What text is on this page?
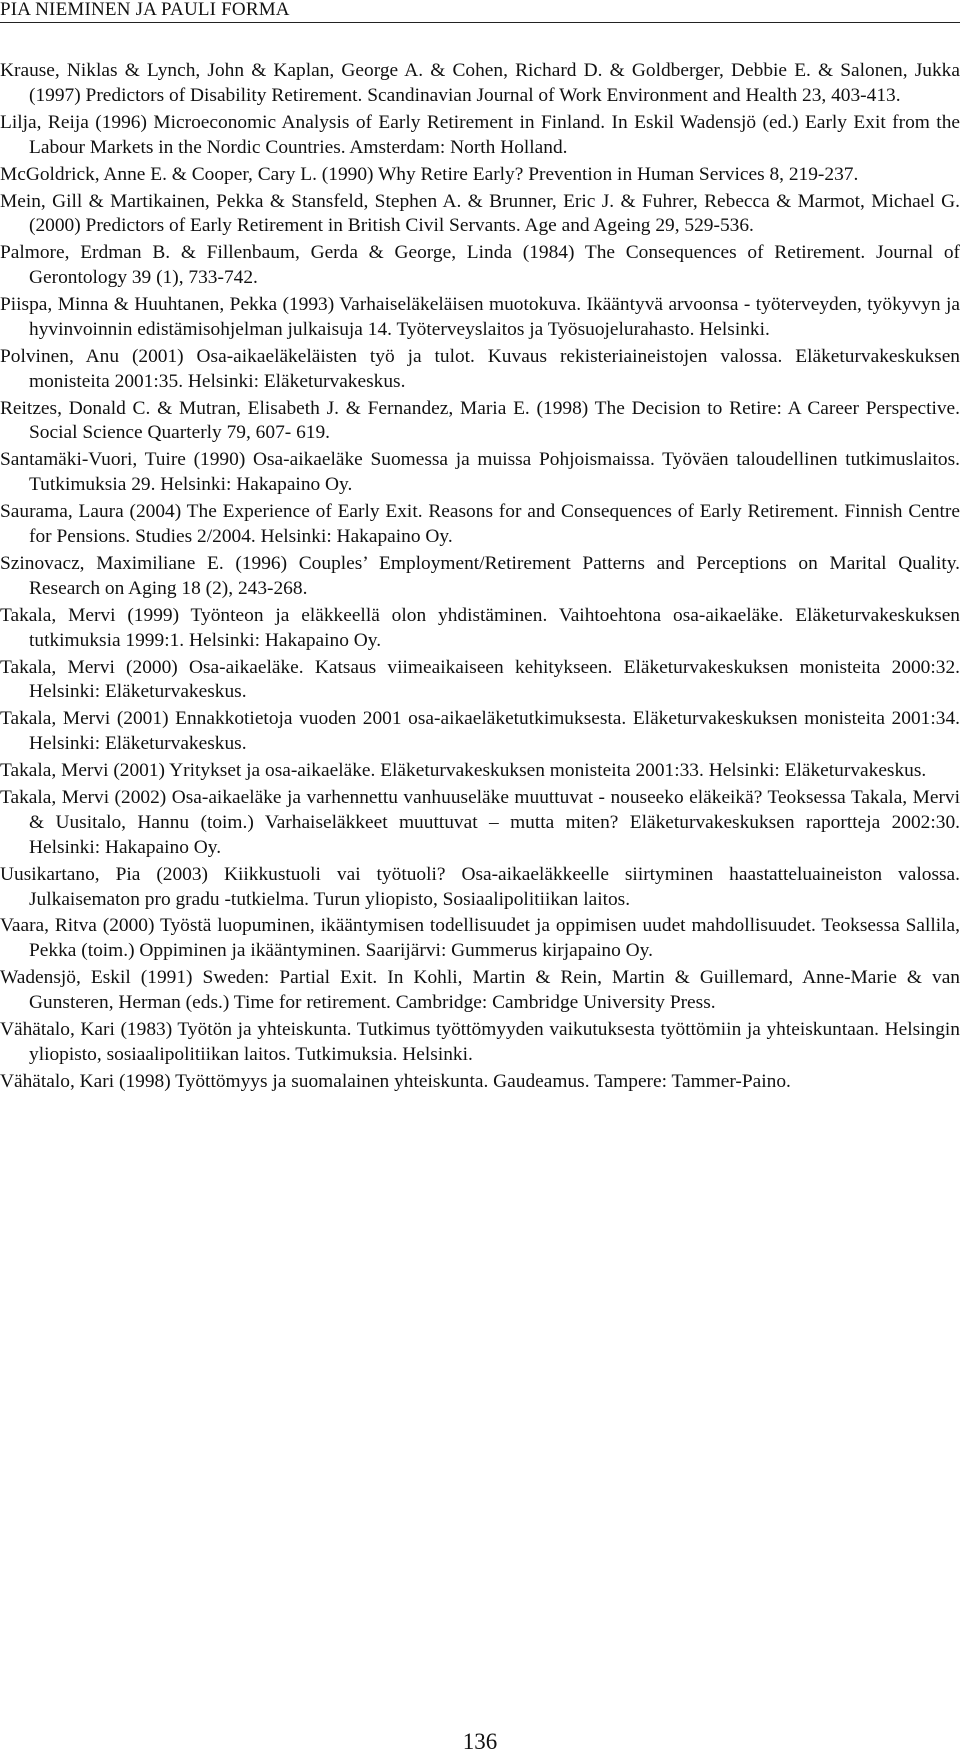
PIA NIEMINEN JA PAULI FORMA
Krause, Niklas & Lynch, John & Kaplan, George A. & Cohen, Richard D. & Goldberger, Debbie E. & Salonen, Jukka (1997) Predictors of Disability Retirement. Scandinavian Journal of Work Environment and Health 23, 403-413.
Lilja, Reija (1996) Microeconomic Analysis of Early Retirement in Finland. In Eskil Wadensjö (ed.) Early Exit from the Labour Markets in the Nordic Countries. Amsterdam: North Holland.
McGoldrick, Anne E. & Cooper, Cary L. (1990) Why Retire Early? Prevention in Human Services 8, 219-237.
Mein, Gill & Martikainen, Pekka & Stansfeld, Stephen A. & Brunner, Eric J. & Fuhrer, Rebecca & Marmot, Michael G. (2000) Predictors of Early Retirement in British Civil Servants. Age and Ageing 29, 529-536.
Palmore, Erdman B. & Fillenbaum, Gerda & George, Linda (1984) The Consequences of Retirement. Journal of Gerontology 39 (1), 733-742.
Piispa, Minna & Huuhtanen, Pekka (1993) Varhaiseläkeläisen muotokuva. Ikääntyvä arvoonsa - työterveyden, työkyvyn ja hyvinvoinnin edistämisohjelman julkaisuja 14. Työterveyslaitos ja Työsuojelurahasto. Helsinki.
Polvinen, Anu (2001) Osa-aikaeläkeläisten työ ja tulot. Kuvaus rekisteriaineistojen valossa. Eläketurvakeskuksen monisteita 2001:35. Helsinki: Eläketurvakeskus.
Reitzes, Donald C. & Mutran, Elisabeth J. & Fernandez, Maria E. (1998) The Decision to Retire: A Career Perspective. Social Science Quarterly 79, 607- 619.
Santamäki-Vuori, Tuire (1990) Osa-aikaeläke Suomessa ja muissa Pohjoismaissa. Työväen taloudellinen tutkimuslaitos. Tutkimuksia 29. Helsinki: Hakapaino Oy.
Saurama, Laura (2004) The Experience of Early Exit. Reasons for and Consequences of Early Retirement. Finnish Centre for Pensions. Studies 2/2004. Helsinki: Hakapaino Oy.
Szinovacz, Maximiliane E. (1996) Couples’ Employment/Retirement Patterns and Perceptions on Marital Quality. Research on Aging 18 (2), 243-268.
Takala, Mervi (1999) Työnteon ja eläkkeellä olon yhdistäminen. Vaihtoehtona osa-aikaeläke. Eläketurvakeskuksen tutkimuksia 1999:1. Helsinki: Hakapaino Oy.
Takala, Mervi (2000) Osa-aikaeläke. Katsaus viimeaikaiseen kehitykseen. Eläketurvakeskuksen monisteita 2000:32. Helsinki: Eläketurvakeskus.
Takala, Mervi (2001) Ennakkotietoja vuoden 2001 osa-aikaeläketutkimuksesta. Eläketurvakeskuksen monisteita 2001:34. Helsinki: Eläketurvakeskus.
Takala, Mervi (2001) Yritykset ja osa-aikaeläke. Eläketurvakeskuksen monisteita 2001:33. Helsinki: Eläketurvakeskus.
Takala, Mervi (2002) Osa-aikaeläke ja varhennettu vanhuuseläke muuttuvat - nouseeko eläkeikä? Teoksessa Takala, Mervi & Uusitalo, Hannu (toim.) Varhaiseläkkeet muuttuvat – mutta miten? Eläketurvakeskuksen raportteja 2002:30. Helsinki: Hakapaino Oy.
Uusikartano, Pia (2003) Kiikkustuoli vai työtuoli? Osa-aikaeläkkeelle siirtyminen haastatteluaineiston valossa. Julkaisematon pro gradu -tutkielma. Turun yliopisto, Sosiaalipolitiikan laitos.
Vaara, Ritva (2000) Työstä luopuminen, ikääntymisen todellisuudet ja oppimisen uudet mahdollisuudet. Teoksessa Sallila, Pekka (toim.) Oppiminen ja ikääntyminen. Saarijärvi: Gummerus kirjapaino Oy.
Wadensjö, Eskil (1991) Sweden: Partial Exit. In Kohli, Martin & Rein, Martin & Guillemard, Anne-Marie & van Gunsteren, Herman (eds.) Time for retirement. Cambridge: Cambridge University Press.
Vähätalo, Kari (1983) Työtön ja yhteiskunta. Tutkimus työttömyyden vaikutuksesta työttömiin ja yhteiskuntaan. Helsingin yliopisto, sosiaalipolitiikan laitos. Tutkimuksia. Helsinki.
Vähätalo, Kari (1998) Työttömyys ja suomalainen yhteiskunta. Gaudeamus. Tampere: Tammer-Paino.
136
